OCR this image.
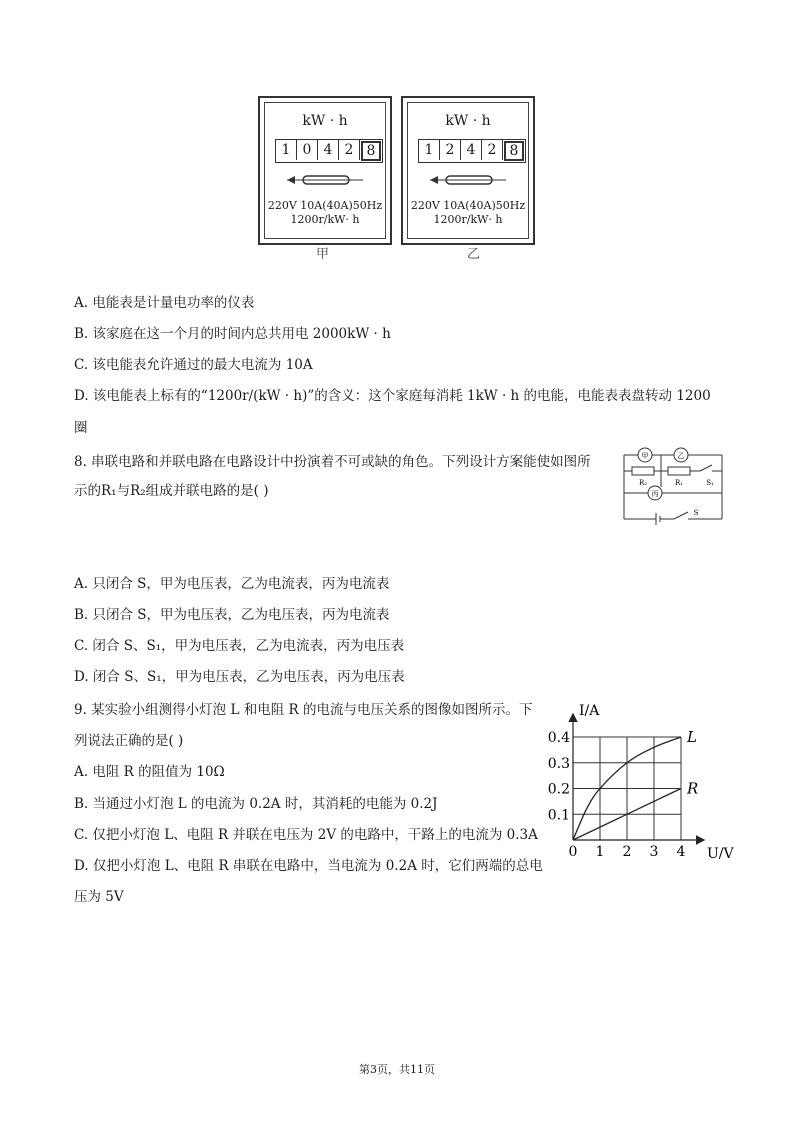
kW · h
1 0 4 2 8
220V 10A(40A)50Hz
1200r/kW· h
甲
kW · h
1 2 4 2 8
220V 10A(40A)50Hz
1200r/kW· h
乙
A. 电能表是计量电功率的仪表
B. 该家庭在这一个月的时间内总共用电 2000kW · h
C. 该电能表允许通过的最大电流为 10A
D. 该电能表上标有的“1200r/(kW · h)”的含义：这个家庭每消耗 1kW · h 的电能，电能表表盘转动 1200
圈
8. 串联电路和并联电路在电路设计中扮演着不可或缺的角色。下列设计方案能使如图所
示的R₁与R₂组成并联电路的是( )
甲	乙
丙
R₂	R₁	S₁
S
A. 只闭合 S，甲为电压表，乙为电流表，丙为电流表
B. 只闭合 S，甲为电压表，乙为电压表，丙为电流表
C. 闭合 S、S₁，甲为电压表，乙为电流表，丙为电压表
D. 闭合 S、S₁，甲为电压表，乙为电压表，丙为电压表
9. 某实验小组测得小灯泡 L 和电阻 R 的电流与电压关系的图像如图所示。下
列说法正确的是( )
A. 电阻 R 的阻值为 10Ω
B. 当通过小灯泡 L 的电流为 0.2A 时，其消耗的电能为 0.2J
C. 仅把小灯泡 L、电阻 R 并联在电压为 2V 的电路中，干路上的电流为 0.3A
D. 仅把小灯泡 L、电阻 R 串联在电路中，当电流为 0.2A 时，它们两端的总电
压为 5V
0 1 2 3 4
0.1
0.2
0.3
0.4
U/V
I/A
L
R
第3页，共11页
